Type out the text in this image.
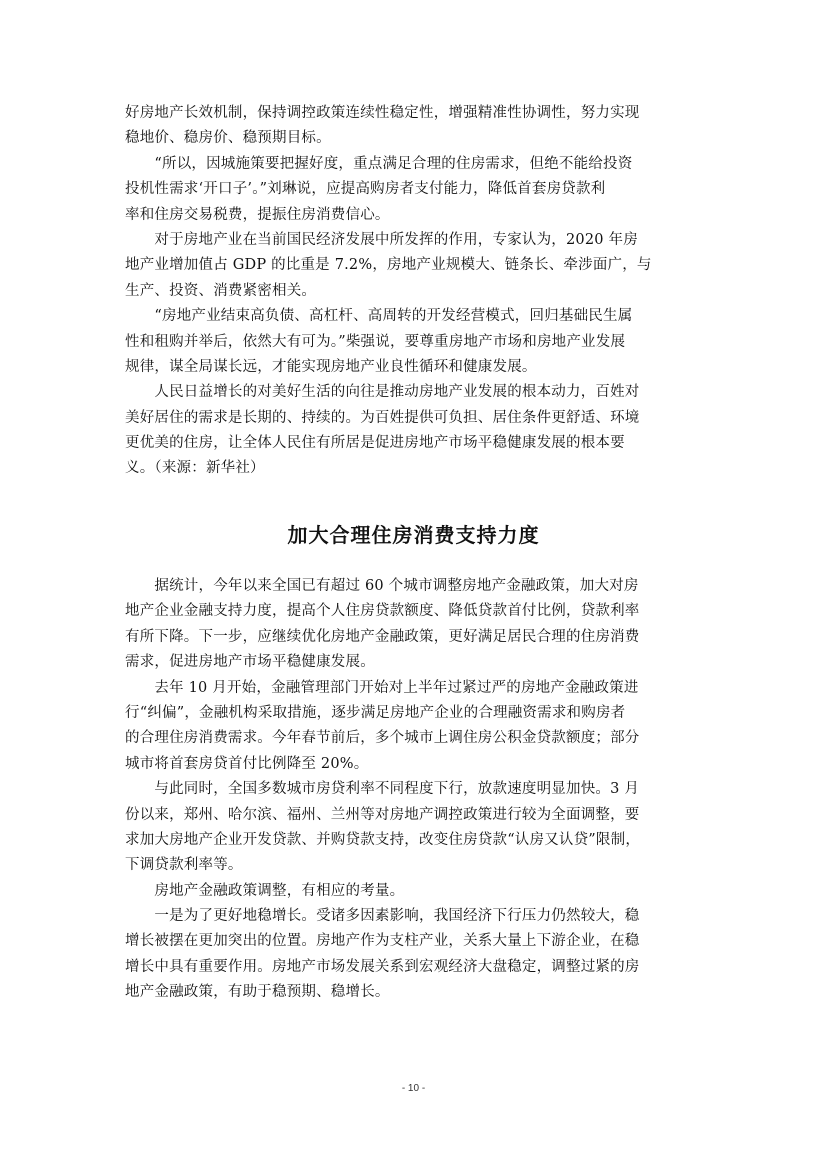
好房地产长效机制，保持调控政策连续性稳定性，增强精准性协调性，努力实现
稳地价、稳房价、稳预期目标。
　　“所以，因城施策要把握好度，重点满足合理的住房需求，但绝不能给投资
投机性需求‘开口子’。”刘琳说，应提高购房者支付能力，降低首套房贷款利
率和住房交易税费，提振住房消费信心。
　　对于房地产业在当前国民经济发展中所发挥的作用，专家认为，2020 年房
地产业增加值占 GDP 的比重是 7.2%，房地产业规模大、链条长、牵涉面广，与
生产、投资、消费紧密相关。
　　“房地产业结束高负债、高杠杆、高周转的开发经营模式，回归基础民生属
性和租购并举后，依然大有可为。”柴强说，要尊重房地产市场和房地产业发展
规律，谋全局谋长远，才能实现房地产业良性循环和健康发展。
　　人民日益增长的对美好生活的向往是推动房地产业发展的根本动力，百姓对
美好居住的需求是长期的、持续的。为百姓提供可负担、居住条件更舒适、环境
更优美的住房，让全体人民住有所居是促进房地产市场平稳健康发展的根本要
义。（来源：新华社）
加大合理住房消费支持力度
　　据统计，今年以来全国已有超过 60 个城市调整房地产金融政策，加大对房
地产企业金融支持力度，提高个人住房贷款额度、降低贷款首付比例，贷款利率
有所下降。下一步，应继续优化房地产金融政策，更好满足居民合理的住房消费
需求，促进房地产市场平稳健康发展。
　　去年 10 月开始，金融管理部门开始对上半年过紧过严的房地产金融政策进
行“纠偏”，金融机构采取措施，逐步满足房地产企业的合理融资需求和购房者
的合理住房消费需求。今年春节前后，多个城市上调住房公积金贷款额度；部分
城市将首套房贷首付比例降至 20%。
　　与此同时，全国多数城市房贷利率不同程度下行，放款速度明显加快。3 月
份以来，郑州、哈尔滨、福州、兰州等对房地产调控政策进行较为全面调整，要
求加大房地产企业开发贷款、并购贷款支持，改变住房贷款“认房又认贷”限制，
下调贷款利率等。
　　房地产金融政策调整，有相应的考量。
　　一是为了更好地稳增长。受诸多因素影响，我国经济下行压力仍然较大，稳
增长被摆在更加突出的位置。房地产作为支柱产业，关系大量上下游企业，在稳
增长中具有重要作用。房地产市场发展关系到宏观经济大盘稳定，调整过紧的房
地产金融政策，有助于稳预期、稳增长。
- 10 -
